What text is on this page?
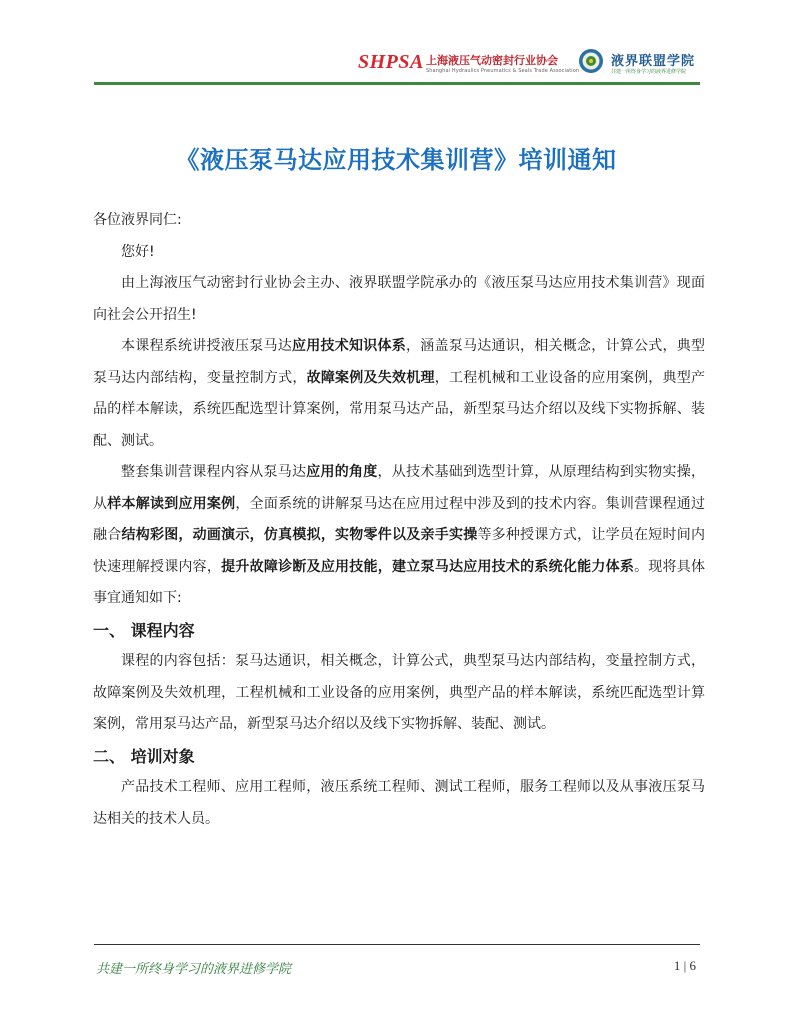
SHPSA 上海液压气动密封行业协会
Shanghai Hydraulics Pneumatics & Seals Trade Association
液界联盟学院
共建一所终身学习的液界进修学院
《液压泵马达应用技术集训营》培训通知

各位液界同仁:

您好!

由上海液压气动密封行业协会主办、液界联盟学院承办的《液压泵马达应用技术集训营》现面向社会公开招生!

本课程系统讲授液压泵马达应用技术知识体系，涵盖泵马达通识，相关概念，计算公式，典型泵马达内部结构，变量控制方式，故障案例及失效机理，工程机械和工业设备的应用案例，典型产品的样本解读，系统匹配选型计算案例，常用泵马达产品，新型泵马达介绍以及线下实物拆解、装配、测试。

整套集训营课程内容从泵马达应用的角度，从技术基础到选型计算，从原理结构到实物实操，从样本解读到应用案例，全面系统的讲解泵马达在应用过程中涉及到的技术内容。集训营课程通过融合结构彩图，动画演示，仿真模拟，实物零件以及亲手实操等多种授课方式，让学员在短时间内快速理解授课内容，提升故障诊断及应用技能，建立泵马达应用技术的系统化能力体系。现将具体事宜通知如下:

一、 课程内容

课程的内容包括：泵马达通识，相关概念，计算公式，典型泵马达内部结构，变量控制方式，故障案例及失效机理，工程机械和工业设备的应用案例，典型产品的样本解读，系统匹配选型计算案例，常用泵马达产品，新型泵马达介绍以及线下实物拆解、装配、测试。

二、 培训对象

产品技术工程师、应用工程师，液压系统工程师、测试工程师，服务工程师以及从事液压泵马达相关的技术人员。

共建一所终身学习的液界进修学院	1 | 6
